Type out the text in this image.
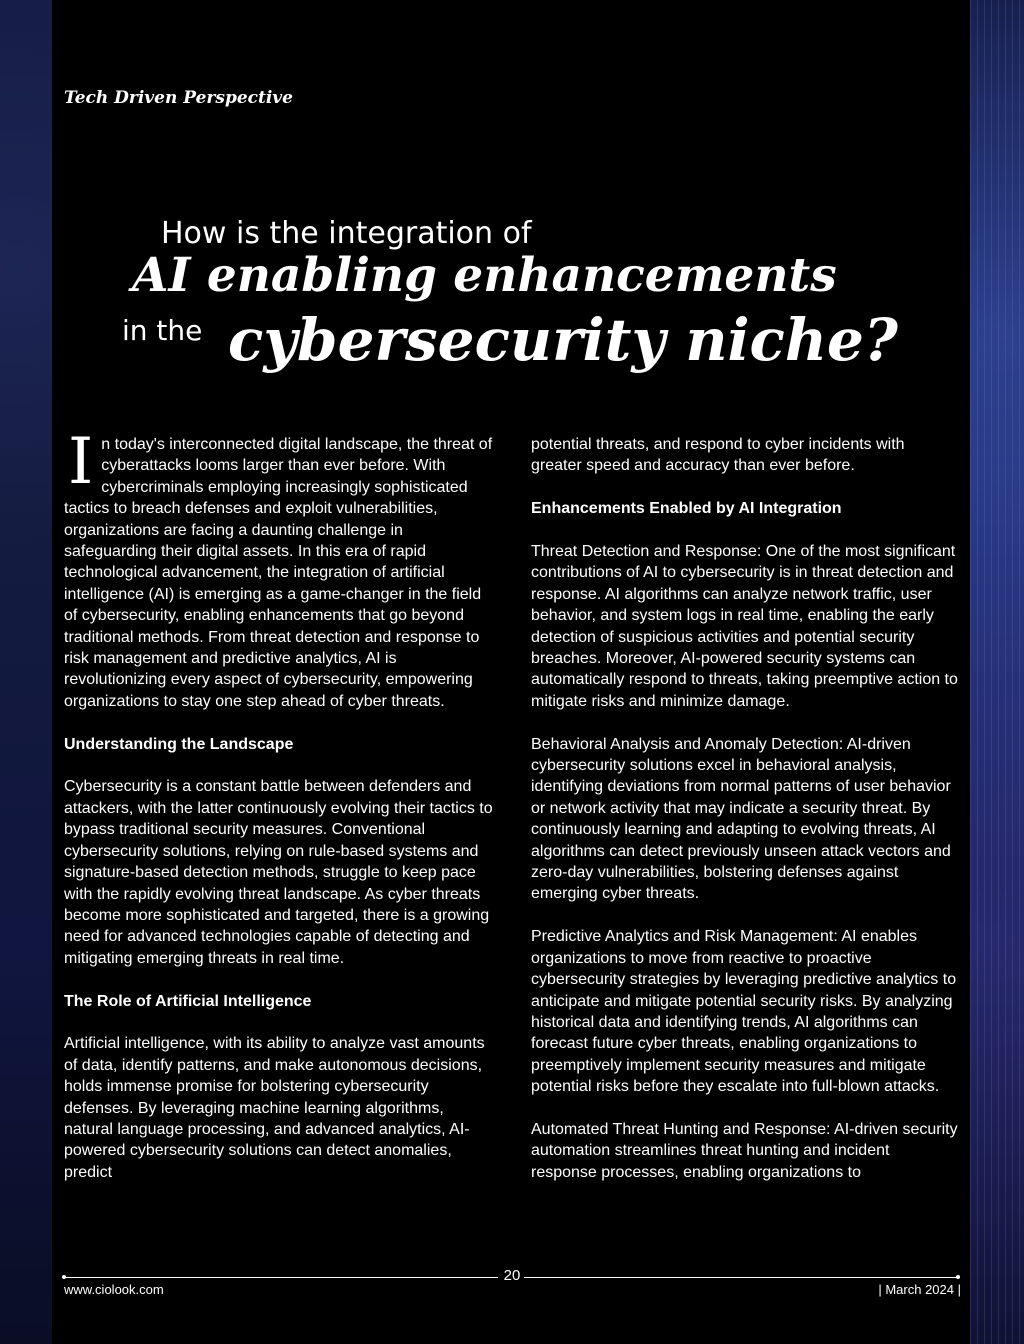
Tech Driven Perspective
How is the integration of
AI enabling enhancements
in the cybersecurity niche?

In today's interconnected digital landscape, the threat of cyberattacks looms larger than ever before. With cybercriminals employing increasingly sophisticated tactics to breach defenses and exploit vulnerabilities, organizations are facing a daunting challenge in safeguarding their digital assets. In this era of rapid technological advancement, the integration of artificial intelligence (AI) is emerging as a game-changer in the field of cybersecurity, enabling enhancements that go beyond traditional methods. From threat detection and response to risk management and predictive analytics, AI is revolutionizing every aspect of cybersecurity, empowering organizations to stay one step ahead of cyber threats.

Understanding the Landscape

Cybersecurity is a constant battle between defenders and attackers, with the latter continuously evolving their tactics to bypass traditional security measures. Conventional cybersecurity solutions, relying on rule-based systems and signature-based detection methods, struggle to keep pace with the rapidly evolving threat landscape. As cyber threats become more sophisticated and targeted, there is a growing need for advanced technologies capable of detecting and mitigating emerging threats in real time.

The Role of Artificial Intelligence

Artificial intelligence, with its ability to analyze vast amounts of data, identify patterns, and make autonomous decisions, holds immense promise for bolstering cybersecurity defenses. By leveraging machine learning algorithms, natural language processing, and advanced analytics, AI-powered cybersecurity solutions can detect anomalies, predict

potential threats, and respond to cyber incidents with greater speed and accuracy than ever before.

Enhancements Enabled by AI Integration

Threat Detection and Response: One of the most significant contributions of AI to cybersecurity is in threat detection and response. AI algorithms can analyze network traffic, user behavior, and system logs in real time, enabling the early detection of suspicious activities and potential security breaches. Moreover, AI-powered security systems can automatically respond to threats, taking preemptive action to mitigate risks and minimize damage.

Behavioral Analysis and Anomaly Detection: AI-driven cybersecurity solutions excel in behavioral analysis, identifying deviations from normal patterns of user behavior or network activity that may indicate a security threat. By continuously learning and adapting to evolving threats, AI algorithms can detect previously unseen attack vectors and zero-day vulnerabilities, bolstering defenses against emerging cyber threats.

Predictive Analytics and Risk Management: AI enables organizations to move from reactive to proactive cybersecurity strategies by leveraging predictive analytics to anticipate and mitigate potential security risks. By analyzing historical data and identifying trends, AI algorithms can forecast future cyber threats, enabling organizations to preemptively implement security measures and mitigate potential risks before they escalate into full-blown attacks.

Automated Threat Hunting and Response: AI-driven security automation streamlines threat hunting and incident response processes, enabling organizations to

20
www.ciolook.com	| March 2024 |
